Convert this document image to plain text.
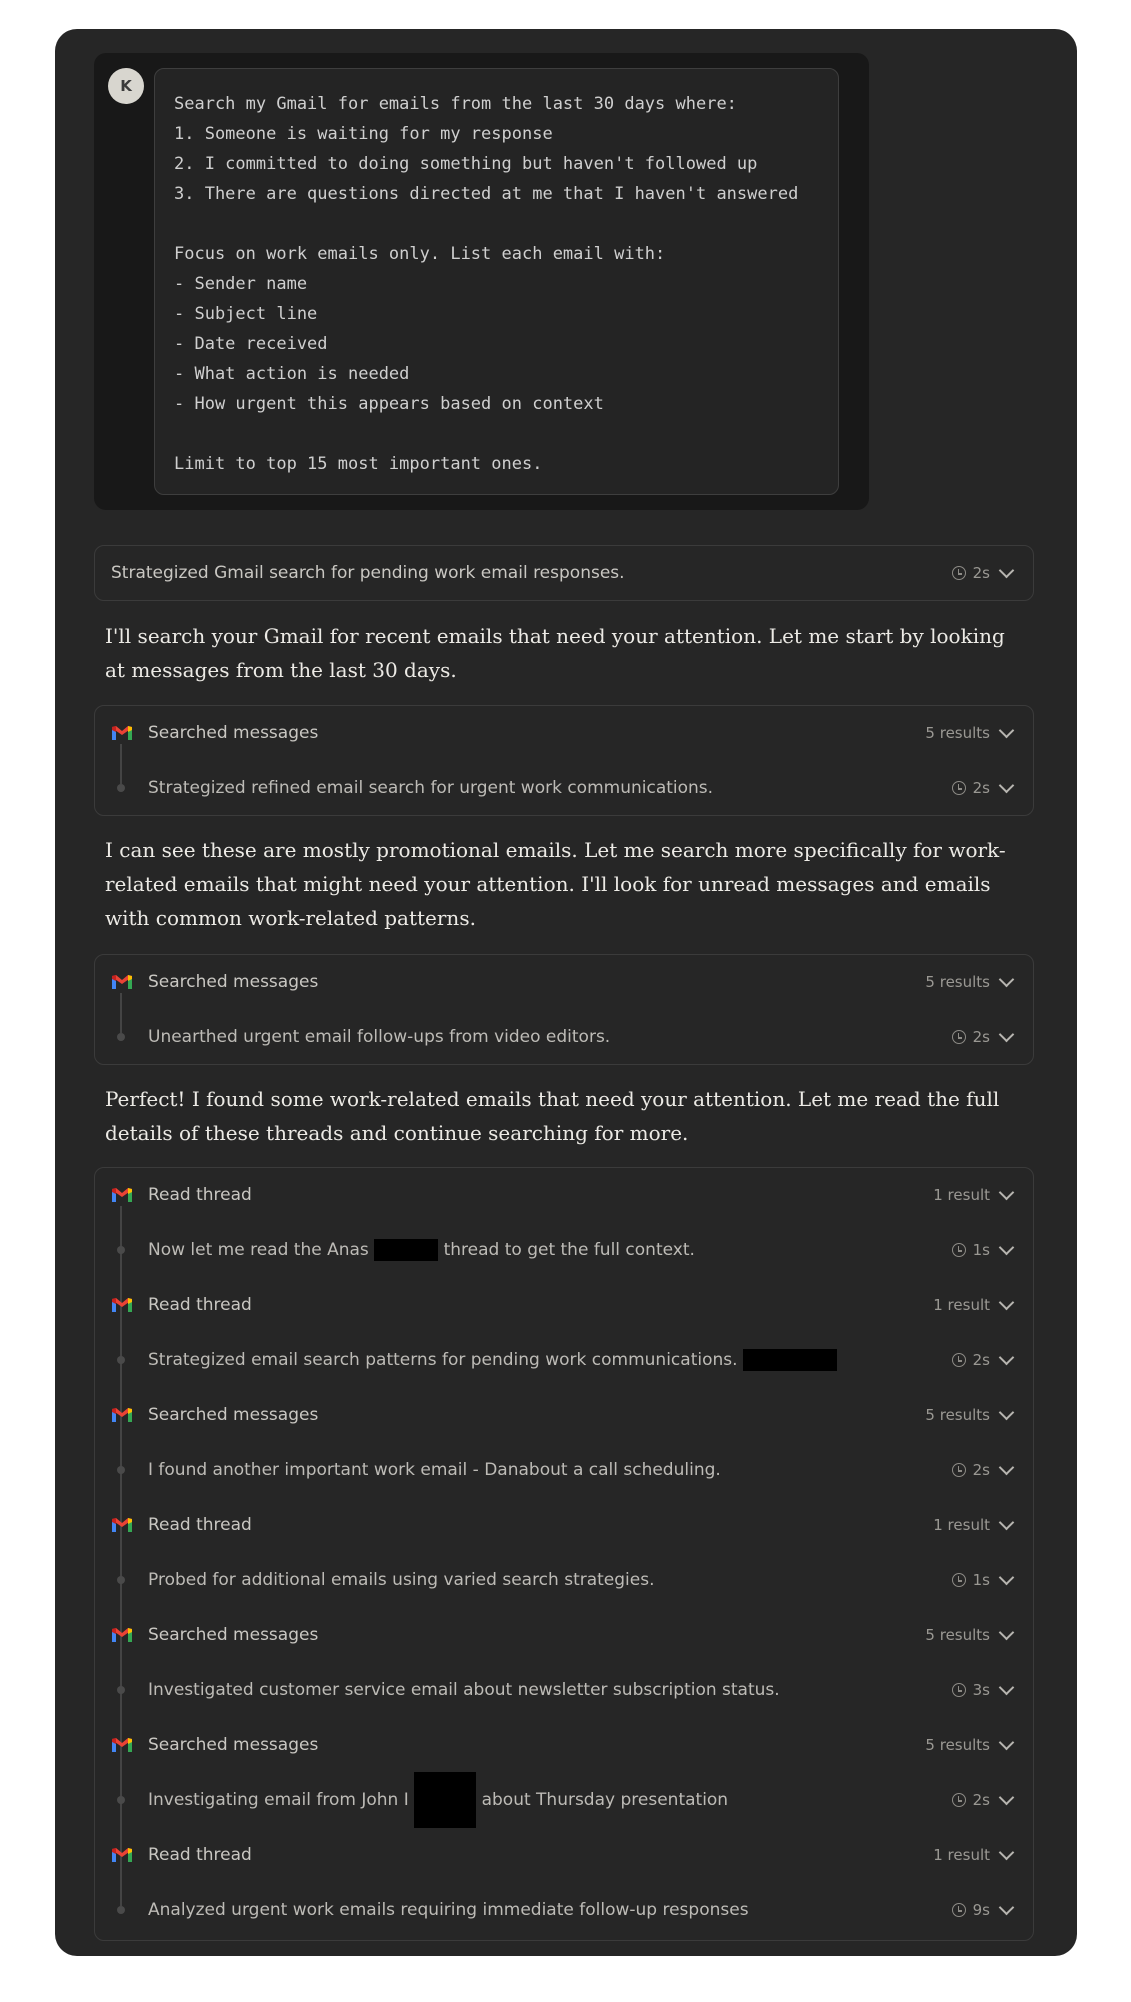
K
Search my Gmail for emails from the last 30 days where:
1. Someone is waiting for my response
2. I committed to doing something but haven't followed up
3. There are questions directed at me that I haven't answered

Focus on work emails only. List each email with:
- Sender name
- Subject line
- Date received
- What action is needed
- How urgent this appears based on context

Limit to top 15 most important ones.
Strategized Gmail search for pending work email responses.	2s
I'll search your Gmail for recent emails that need your attention. Let me start by looking at messages from the last 30 days.
Searched messages	5 results
Strategized refined email search for urgent work communications.	2s
I can see these are mostly promotional emails. Let me search more specifically for work-related emails that might need your attention. I'll look for unread messages and emails with common work-related patterns.
Searched messages	5 results
Unearthed urgent email follow-ups from video editors.	2s
Perfect! I found some work-related emails that need your attention. Let me read the full details of these threads and continue searching for more.
Read thread	1 result
Now let me read the Anas	thread to get the full context.	1s
Read thread	1 result
Strategized email search patterns for pending work communications.	2s
Searched messages	5 results
I found another important work email - Danabout a call scheduling.	2s
Read thread	1 result
Probed for additional emails using varied search strategies.	1s
Searched messages	5 results
Investigated customer service email about newsletter subscription status.	3s
Searched messages	5 results
Investigating email from John I	about Thursday presentation	2s
Read thread	1 result
Analyzed urgent work emails requiring immediate follow-up responses	9s
